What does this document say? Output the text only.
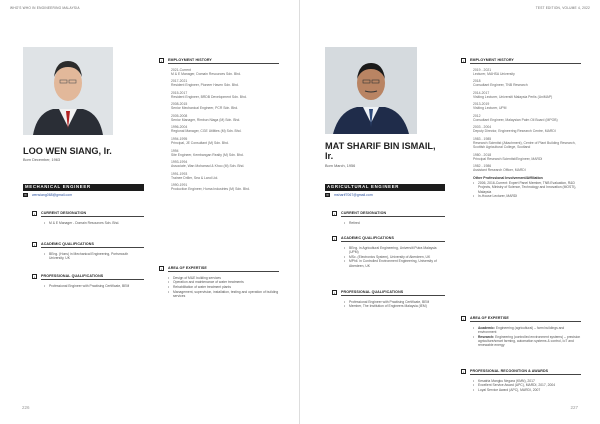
WHO'S WHO IN ENGINEERING MALAYSIA
LOO WEN SIANG, Ir.
Born December, 1963
MECHANICAL ENGINEER
✉	wensiang068@gmail.com
▪	CURRENT DESIGNATION
• M & E Manager - Domain Resources Sdn. Bhd.
▪	ACADEMIC QUALIFICATIONS
• BEng. (Hons) in Mechanical Engineering, Portsmouth University, UK
▪	PROFESSIONAL QUALIFICATIONS
• Professional Engineer with Practising Certificate, BEM
▪	EMPLOYMENT HISTORY
2021-Current
M & E Manager, Domain Resources Sdn. Bhd.
2017-2021
Resident Engineer, Pioneer Haven Sdn. Bhd.
2015-2017
Resident Engineer, BRDB Development Sdn. Bhd.
2008-2015
Senior Mechanical Engineer, PCR Sdn. Bhd.
2005-2008
Senior Manager, Rimbun Niaga (M) Sdn. Bhd.
1996-2004
Regional Manager, CGE Utilities (M) Sdn. Bhd.
1994-1995
Principal, JE Consultant (M) Sdn. Bhd.
1994
Site Engineer, Kembangan Realty (M) Sdn. Bhd.
1993-1994
Associate, Wan Mohamad & Khoo (M) Sdn. Bhd.
1991-1993
Trainee Driller, Sea & Land Ltd.
1990-1991
Production Engineer, Huma Industries (M) Sdn. Bhd.
▪	AREA OF EXPERTISE
• Design of M&E building services
• Operation and maintenance of water treatments
• Rehabilitation of water treatment plants
• Management, supervision, installation, testing and operation of building services
226
TEST EDITION, VOLUME 4, 2022
MAT SHARIF BIN ISMAIL,
Ir.
Born March, 1956
AGRICULTURAL ENGINEER
✉	msharif7067@gmail.com
▪	CURRENT DESIGNATION
• Retired
▪	ACADEMIC QUALIFICATIONS
• BEng. in Agricultural Engineering, Universiti Putra Malaysia (UPM)
• MSc. (Electronics System), University of Aberdeen, UK
• MPhil. in Controlled Environment Engineering, University of Aberdeen, UK
▪	PROFESSIONAL QUALIFICATIONS
• Professional Engineer with Practising Certificate, BEM
• Member, The Institution of Engineers Malaysia (IEM)
▪	EMPLOYMENT HISTORY
2019 - 2021
Lecturer, MAHSA University
2018
Consultant Engineer, TNB Research
2014-2017
Visiting Lecturer, Universiti Malaysia Perlis (UniMAP)
2013-2019
Visiting Lecturer, UPM
2012
Consultant Engineer, Malaysian Palm Oil Board (MPOB)
2003 - 2004
Deputy Director, Engineering Research Centre, MARDI
1983 - 1985
Research Scientist (Attachment), Centre of Plant Building Research, Scottish Agricultural College, Scotland
1980 - 2018
Principal Research Scientist/Engineer, MARDI
1982 - 1986
Assistant Research Officer, MARDI
Other Professional Involvement/Affiliation
• 2006, 2016-Current: Expert Panel Member, TNB Evaluation, R&D Projects, Ministry of Science, Technology and Innovation (MOSTI), Malaysia
• In-House Lecturer, MARDI
▪	AREA OF EXPERTISE
• Academic: Engineering (agricultural) – farm buildings and environment
• Research: Engineering (controlled environment systems) – precision agriculture/smart farming, automation systems & control, IoT and renewable energy
▪	PROFESSIONAL RECOGNITION & AWARDS
• Kesatria Mangku Negara (KMN), 2017
• Excellent Service Award (APC), MARDI, 2017, 2004
• Loyal Service Award (APC), MARDI, 2007
227
